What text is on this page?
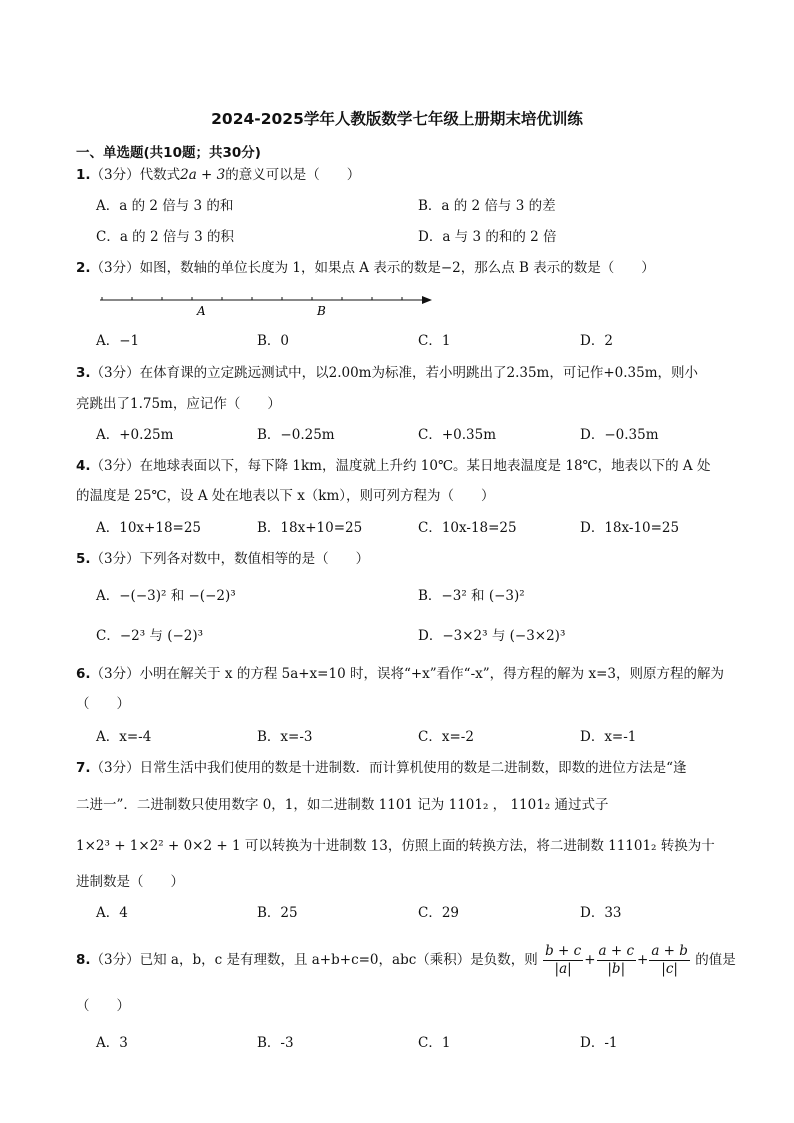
2024-2025学年人教版数学七年级上册期末培优训练
一、单选题(共10题；共30分)
1.（3分）代数式2a + 3的意义可以是（　　）
A．a 的 2 倍与 3 的和	B．a 的 2 倍与 3 的差
C．a 的 2 倍与 3 的积	D．a 与 3 的和的 2 倍
2.（3分）如图，数轴的单位长度为 1，如果点 A 表示的数是−2，那么点 B 表示的数是（　　）
A	B
A．−1	B．0	C．1	D．2
3.（3分）在体育课的立定跳远测试中，以2.00m为标准，若小明跳出了2.35m，可记作+0.35m，则小
亮跳出了1.75m，应记作（　　）
A．+0.25m	B．−0.25m	C．+0.35m	D．−0.35m
4.（3分）在地球表面以下，每下降 1km，温度就上升约 10℃。某日地表温度是 18℃，地表以下的 A 处
的温度是 25℃，设 A 处在地表以下 x（km），则可列方程为（　　）
A．10x+18=25	B．18x+10=25	C．10x-18=25	D．18x-10=25
5.（3分）下列各对数中，数值相等的是（　　）
A．−(−3)² 和 −(−2)³	B．−3² 和 (−3)²
C．−2³ 与 (−2)³	D．−3×2³ 与 (−3×2)³
6.（3分）小明在解关于 x 的方程 5a+x=10 时，误将“+x”看作“-x”，得方程的解为 x=3，则原方程的解为
（　　）
A．x=-4	B．x=-3	C．x=-2	D．x=-1
7.（3分）日常生活中我们使用的数是十进制数．而计算机使用的数是二进制数，即数的进位方法是“逢
二进一”．二进制数只使用数字 0，1，如二进制数 1101 记为 1101₂ ， 1101₂ 通过式子
1×2³ + 1×2² + 0×2 + 1 可以转换为十进制数 13，仿照上面的转换方法，将二进制数 11101₂ 转换为十
进制数是（　　）
A．4	B．25	C．29	D．33
8.（3分）已知 a，b，c 是有理数，且 a+b+c=0，abc（乘积）是负数，则 $\frac{b + c}{|a|} + \frac{a + c}{|b|} + \frac{a + b}{|c|}$ 的值是
（　　）
A．3	B．-3	C．1	D．-1
